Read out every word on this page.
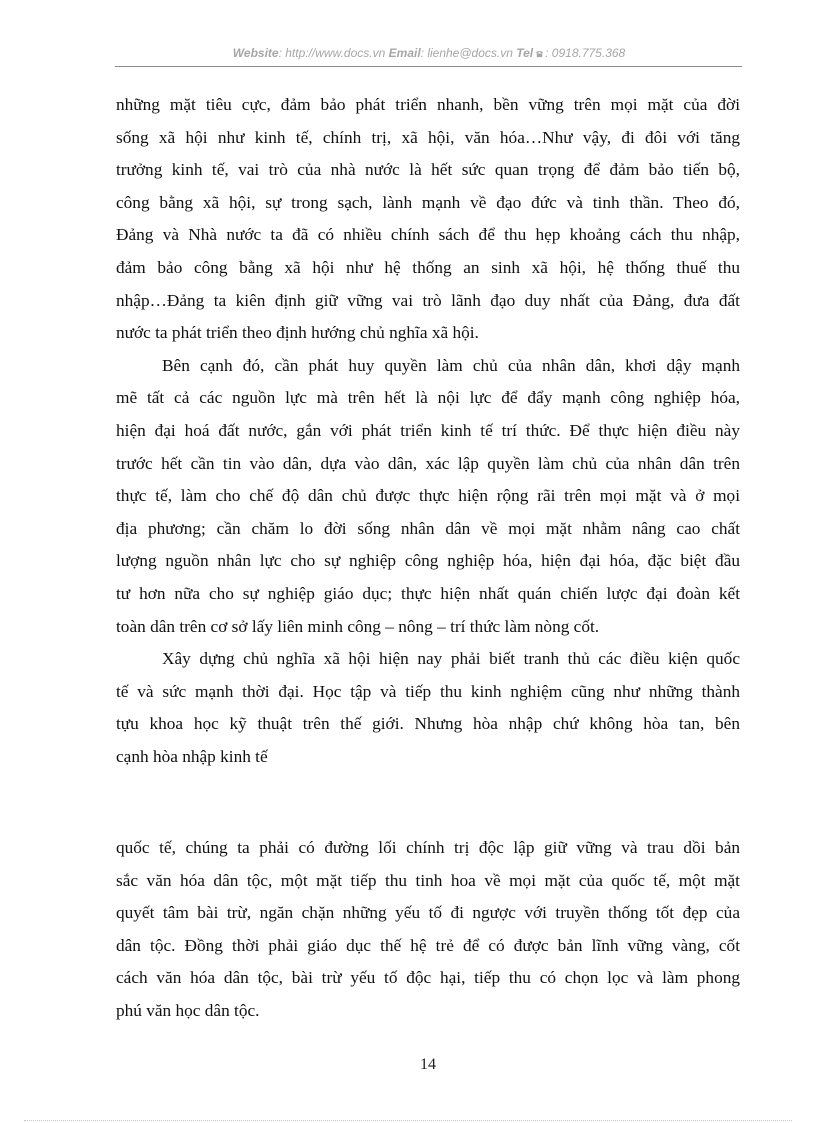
Website: http://www.docs.vn Email: lienhe@docs.vn Tel : 0918.775.368
những mặt tiêu cực, đảm bảo phát triển nhanh, bền vững trên mọi mặt của đời
sống xã hội như kinh tế, chính trị, xã hội, văn hóa…Như vậy, đi đôi với tăng
trưởng kinh tế, vai trò của nhà nước là hết sức quan trọng để đảm bảo tiến bộ,
công bằng xã hội, sự trong sạch, lành mạnh về đạo đức và tinh thần. Theo đó,
Đảng và Nhà nước ta đã có nhiều chính sách để thu hẹp khoảng cách thu nhập,
đảm bảo công bằng xã hội như hệ thống an sinh xã hội, hệ thống thuế thu
nhập…Đảng ta kiên định giữ vững vai trò lãnh đạo duy nhất của Đảng, đưa đất
nước ta phát triển theo định hướng chủ nghĩa xã hội.
Bên cạnh đó, cần phát huy quyền làm chủ của nhân dân, khơi dậy mạnh
mẽ tất cả các nguồn lực mà trên hết là nội lực để đẩy mạnh công nghiệp hóa,
hiện đại hoá đất nước, gắn với phát triển kinh tế trí thức. Để thực hiện điều này
trước hết cần tin vào dân, dựa vào dân, xác lập quyền làm chủ của nhân dân trên
thực tế, làm cho chế độ dân chủ được thực hiện rộng rãi trên mọi mặt và ở mọi
địa phương; cần chăm lo đời sống nhân dân về mọi mặt nhằm nâng cao chất
lượng nguồn nhân lực cho sự nghiệp công nghiệp hóa, hiện đại hóa, đặc biệt đầu
tư hơn nữa cho sự nghiệp giáo dục; thực hiện nhất quán chiến lược đại đoàn kết
toàn dân trên cơ sở lấy liên minh công – nông – trí thức làm nòng cốt.
Xây dựng chủ nghĩa xã hội hiện nay phải biết tranh thủ các điều kiện quốc
tế và sức mạnh thời đại. Học tập và tiếp thu kinh nghiệm cũng như những thành
tựu khoa học kỹ thuật trên thế giới. Nhưng hòa nhập chứ không hòa tan, bên
cạnh hòa nhập kinh tế
quốc tế, chúng ta phải có đường lối chính trị độc lập giữ vững và trau dồi bản
sắc văn hóa dân tộc, một mặt tiếp thu tinh hoa về mọi mặt của quốc tế, một mặt
quyết tâm bài trừ, ngăn chặn những yếu tố đi ngược với truyền thống tốt đẹp của
dân tộc. Đồng thời phải giáo dục thế hệ trẻ để có được bản lĩnh vững vàng, cốt
cách văn hóa dân tộc, bài trừ yếu tố độc hại, tiếp thu có chọn lọc và làm phong
phú văn học dân tộc.
14
